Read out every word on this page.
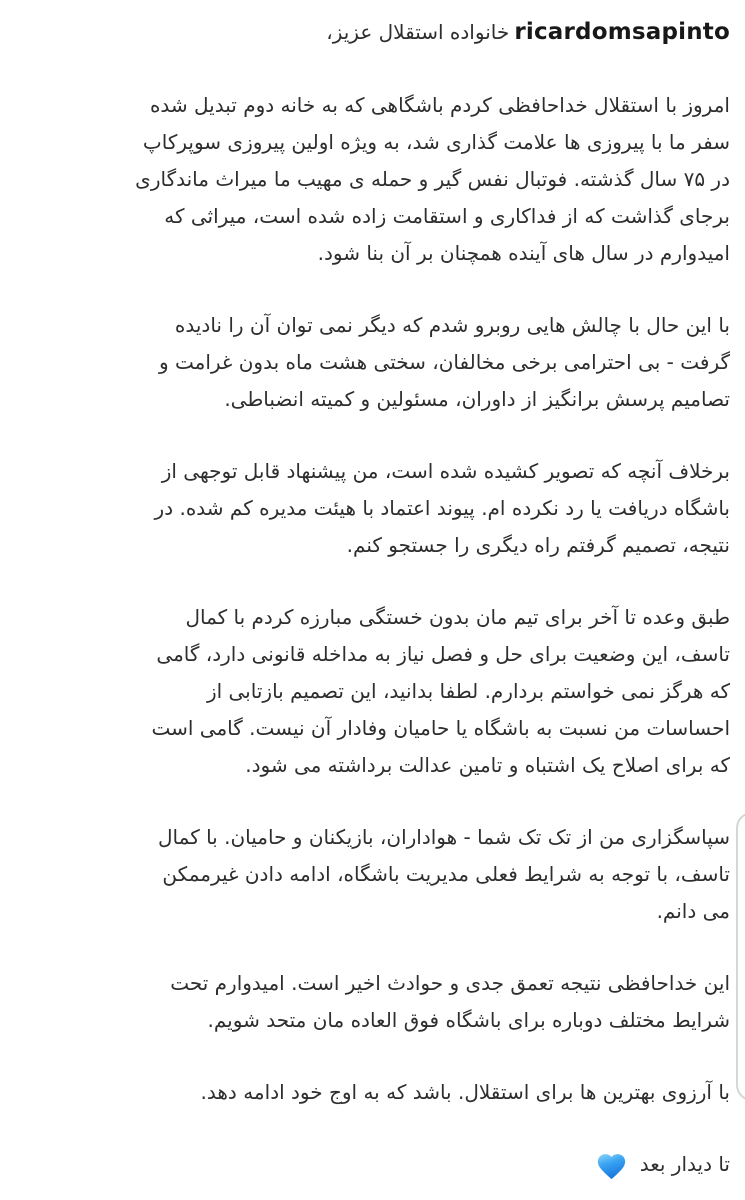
ricardomsapinto خانواده استقلال عزیز،

امروز با استقلال خداحافظی کردم باشگاهی که به خانه دوم تبدیل شده
سفر ما با پیروزی ها علامت گذاری شد، به ویژه اولین پیروزی سوپرکاپ
در ۷۵ سال گذشته. فوتبال نفس گیر و حمله ی مهیب ما میراث ماندگاری
برجای گذاشت که از فداکاری و استقامت زاده شده است، میراثی که
امیدوارم در سال های آینده همچنان بر آن بنا شود.

با این حال با چالش هایی روبرو شدم که دیگر نمی توان آن را نادیده
گرفت - بی احترامی برخی مخالفان، سختی هشت ماه بدون غرامت و
تصامیم پرسش برانگیز از داوران، مسئولین و کمیته انضباطی.

برخلاف آنچه که تصویر کشیده شده است، من پیشنهاد قابل توجهی از
باشگاه دریافت یا رد نکرده ام. پیوند اعتماد با هیئت مدیره کم شده. در
نتیجه، تصمیم گرفتم راه دیگری را جستجو کنم.

طبق وعده تا آخر برای تیم مان بدون خستگی مبارزه کردم با کمال
تاسف، این وضعیت برای حل و فصل نیاز به مداخله قانونی دارد، گامی
که هرگز نمی خواستم بردارم. لطفا بدانید، این تصمیم بازتابی از
احساسات من نسبت به باشگاه یا حامیان وفادار آن نیست. گامی است
که برای اصلاح یک اشتباه و تامین عدالت برداشته می شود.

سپاسگزاری من از تک تک شما - هواداران، بازیکنان و حامیان. با کمال
تاسف، با توجه به شرایط فعلی مدیریت باشگاه، ادامه دادن غیرممکن
می دانم.

این خداحافظی نتیجه تعمق جدی و حوادث اخیر است. امیدوارم تحت
شرایط مختلف دوباره برای باشگاه فوق العاده مان متحد شویم.

با آرزوی بهترین ها برای استقلال. باشد که به اوج خود ادامه دهد.

تا دیدار بعد
